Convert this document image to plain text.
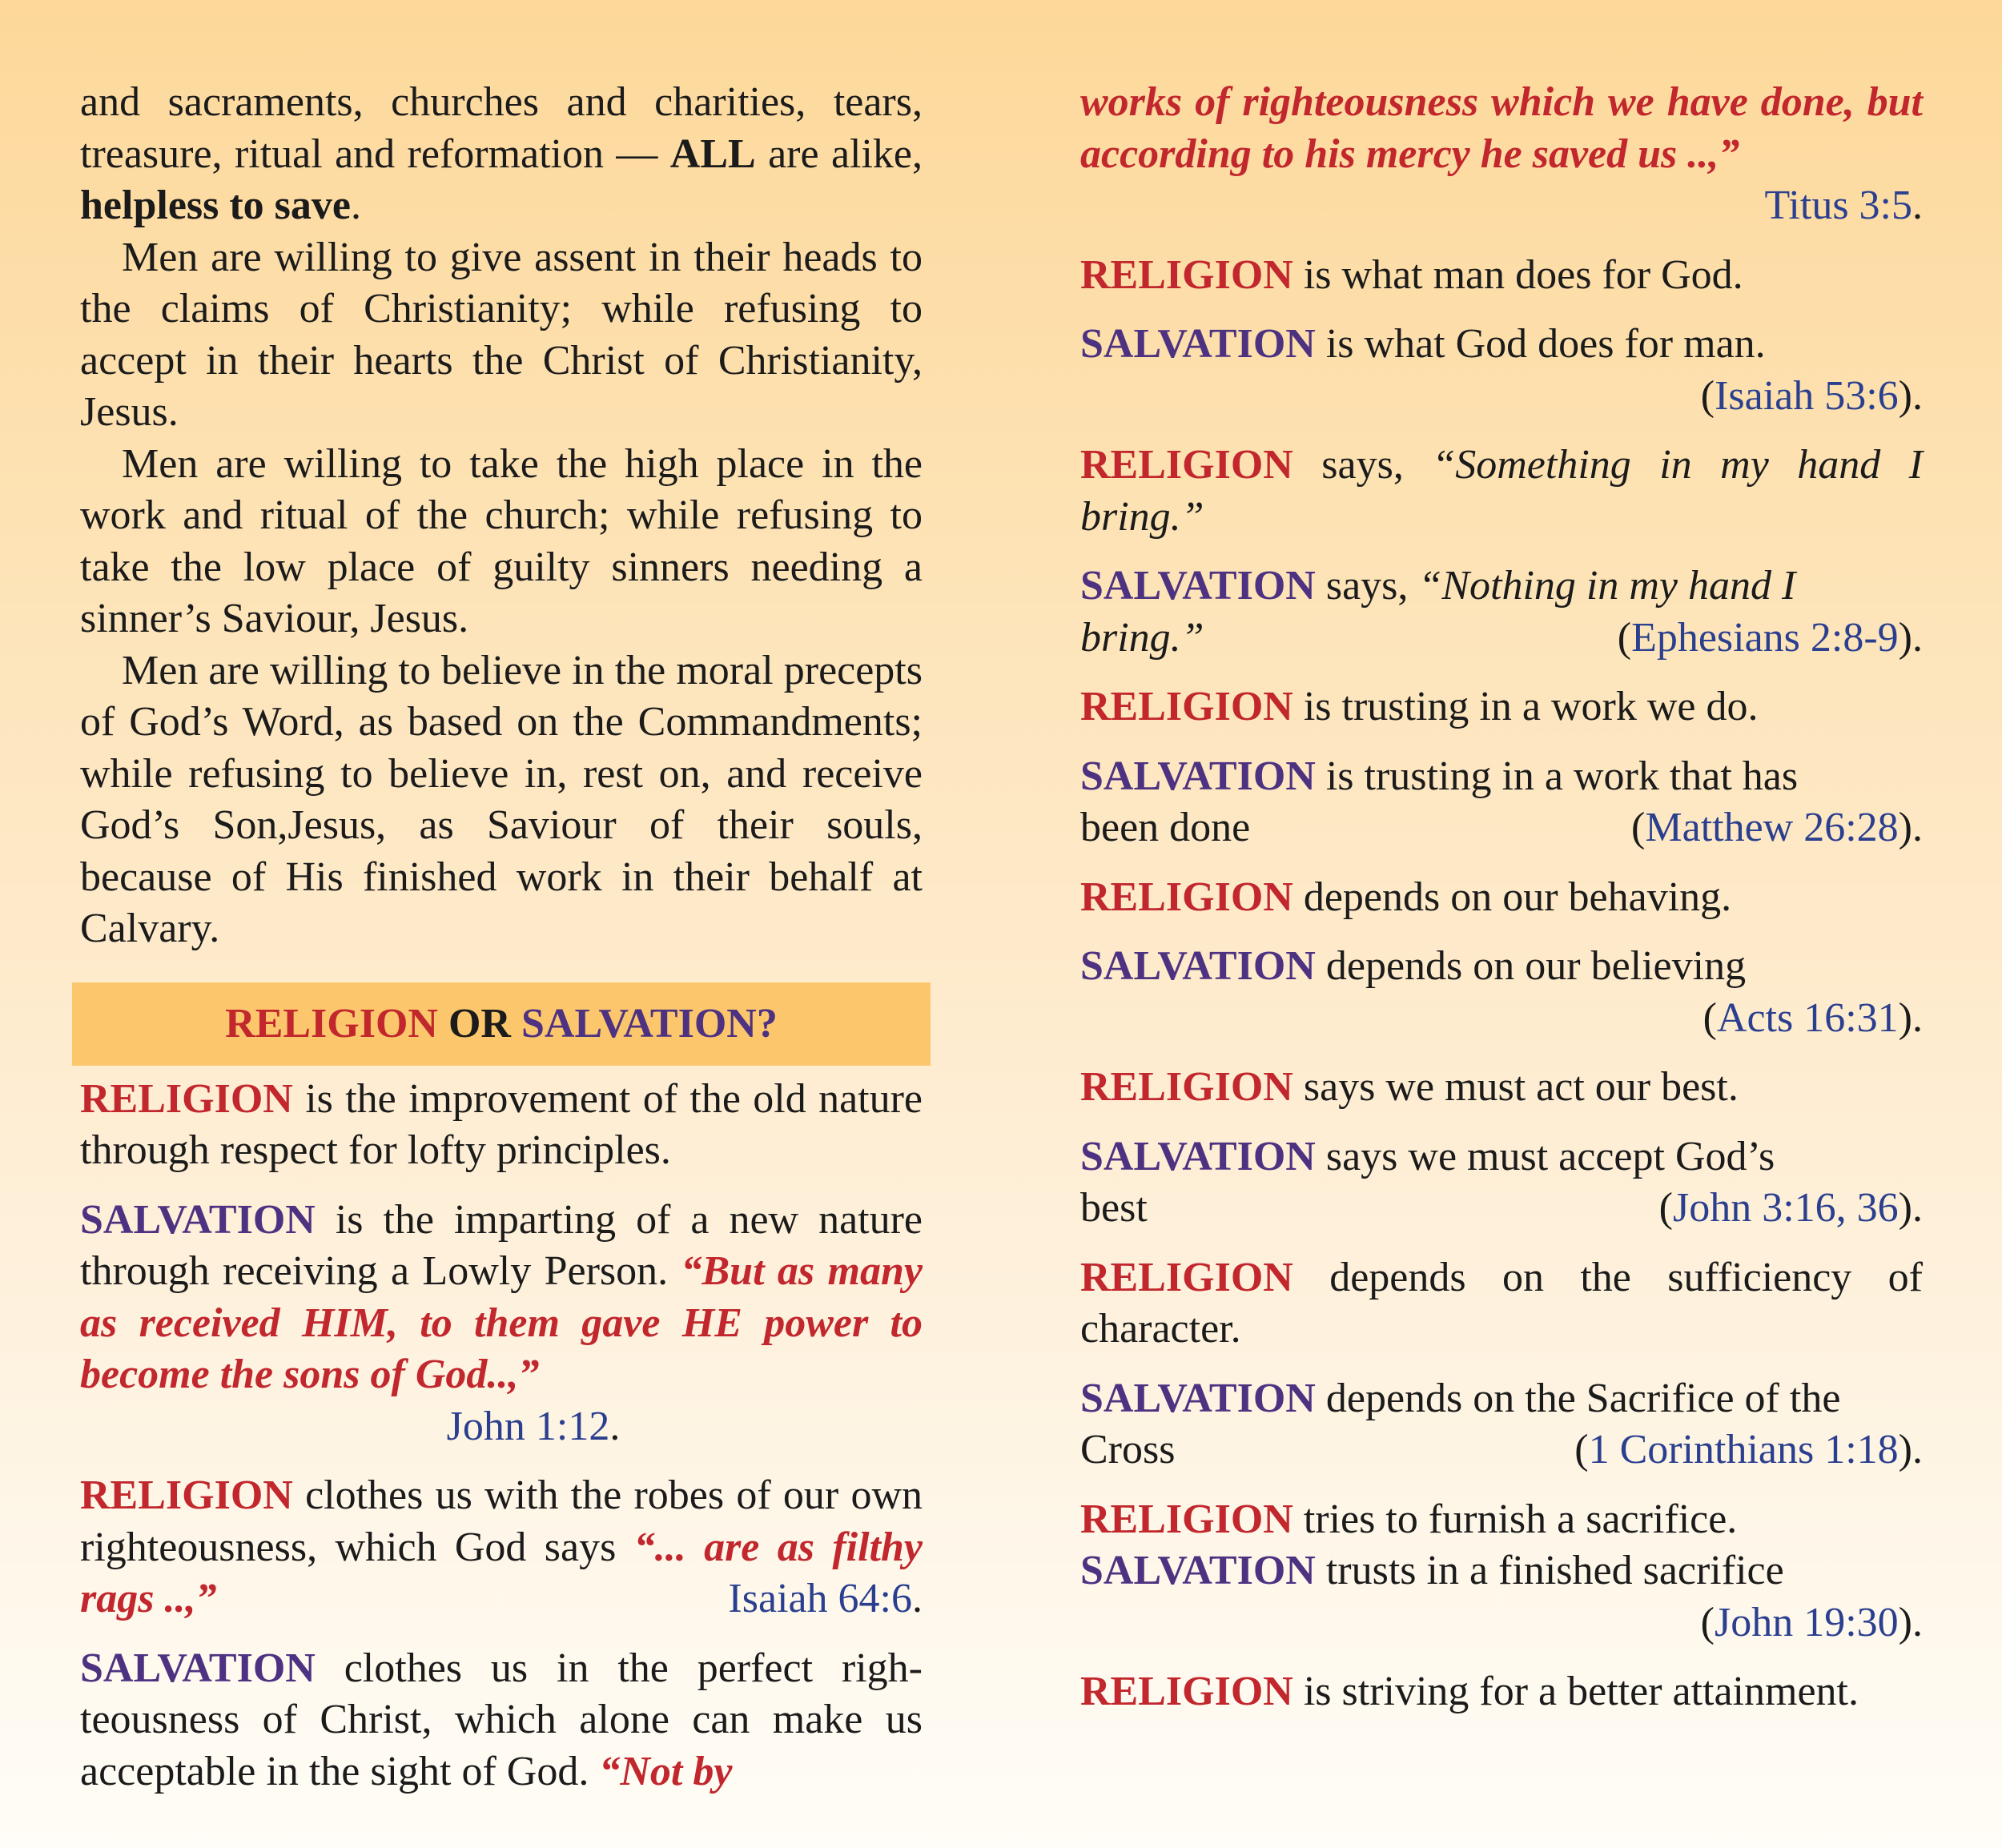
and sacraments, churches and charities, tears, treasure, ritual and reformation — ALL are alike, helpless to save.

Men are willing to give assent in their heads to the claims of Christianity; while refusing to accept in their hearts the Christ of Christianity, Jesus.

Men are willing to take the high place in the work and ritual of the church; while refusing to take the low place of guilty sinners needing a sinner’s Saviour, Jesus.

Men are willing to believe in the moral precepts of God’s Word, as based on the Commandments; while refusing to believe in, rest on, and receive God’s Son,Jesus, as Saviour of their souls, because of His finished work in their behalf at Calvary.

RELIGION OR SALVATION?

RELIGION is the improvement of the old nature through respect for lofty principles.

SALVATION is the imparting of a new nature through receiving a Lowly Person. “But as many as received HIM, to them gave HE power to become the sons of God..,”

John 1:12.

RELIGION clothes us with the robes of our own righteousness, which God says “... are as filthy rags ..,”	Isaiah 64:6.

SALVATION clothes us in the perfect righteousness of Christ, which alone can make us acceptable in the sight of God. “Not by

works of righteousness which we have done, but according to his mercy he saved us ..,”

Titus 3:5.

RELIGION is what man does for God.

SALVATION is what God does for man.

(Isaiah 53:6).

RELIGION says, “Something in my hand I bring.”

SALVATION says, “Nothing in my hand I

bring.”	(Ephesians 2:8-9).

RELIGION is trusting in a work we do.

SALVATION is trusting in a work that has

been done	(Matthew 26:28).

RELIGION depends on our behaving.

SALVATION depends on our believing

(Acts 16:31).

RELIGION says we must act our best.

SALVATION says we must accept God’s

best	(John 3:16, 36).

RELIGION depends on the sufficiency of character.

SALVATION depends on the Sacrifice of the

Cross	(1 Corinthians 1:18).

RELIGION tries to furnish a sacrifice.

SALVATION trusts in a finished sacrifice

(John 19:30).

RELIGION is striving for a better attainment.
